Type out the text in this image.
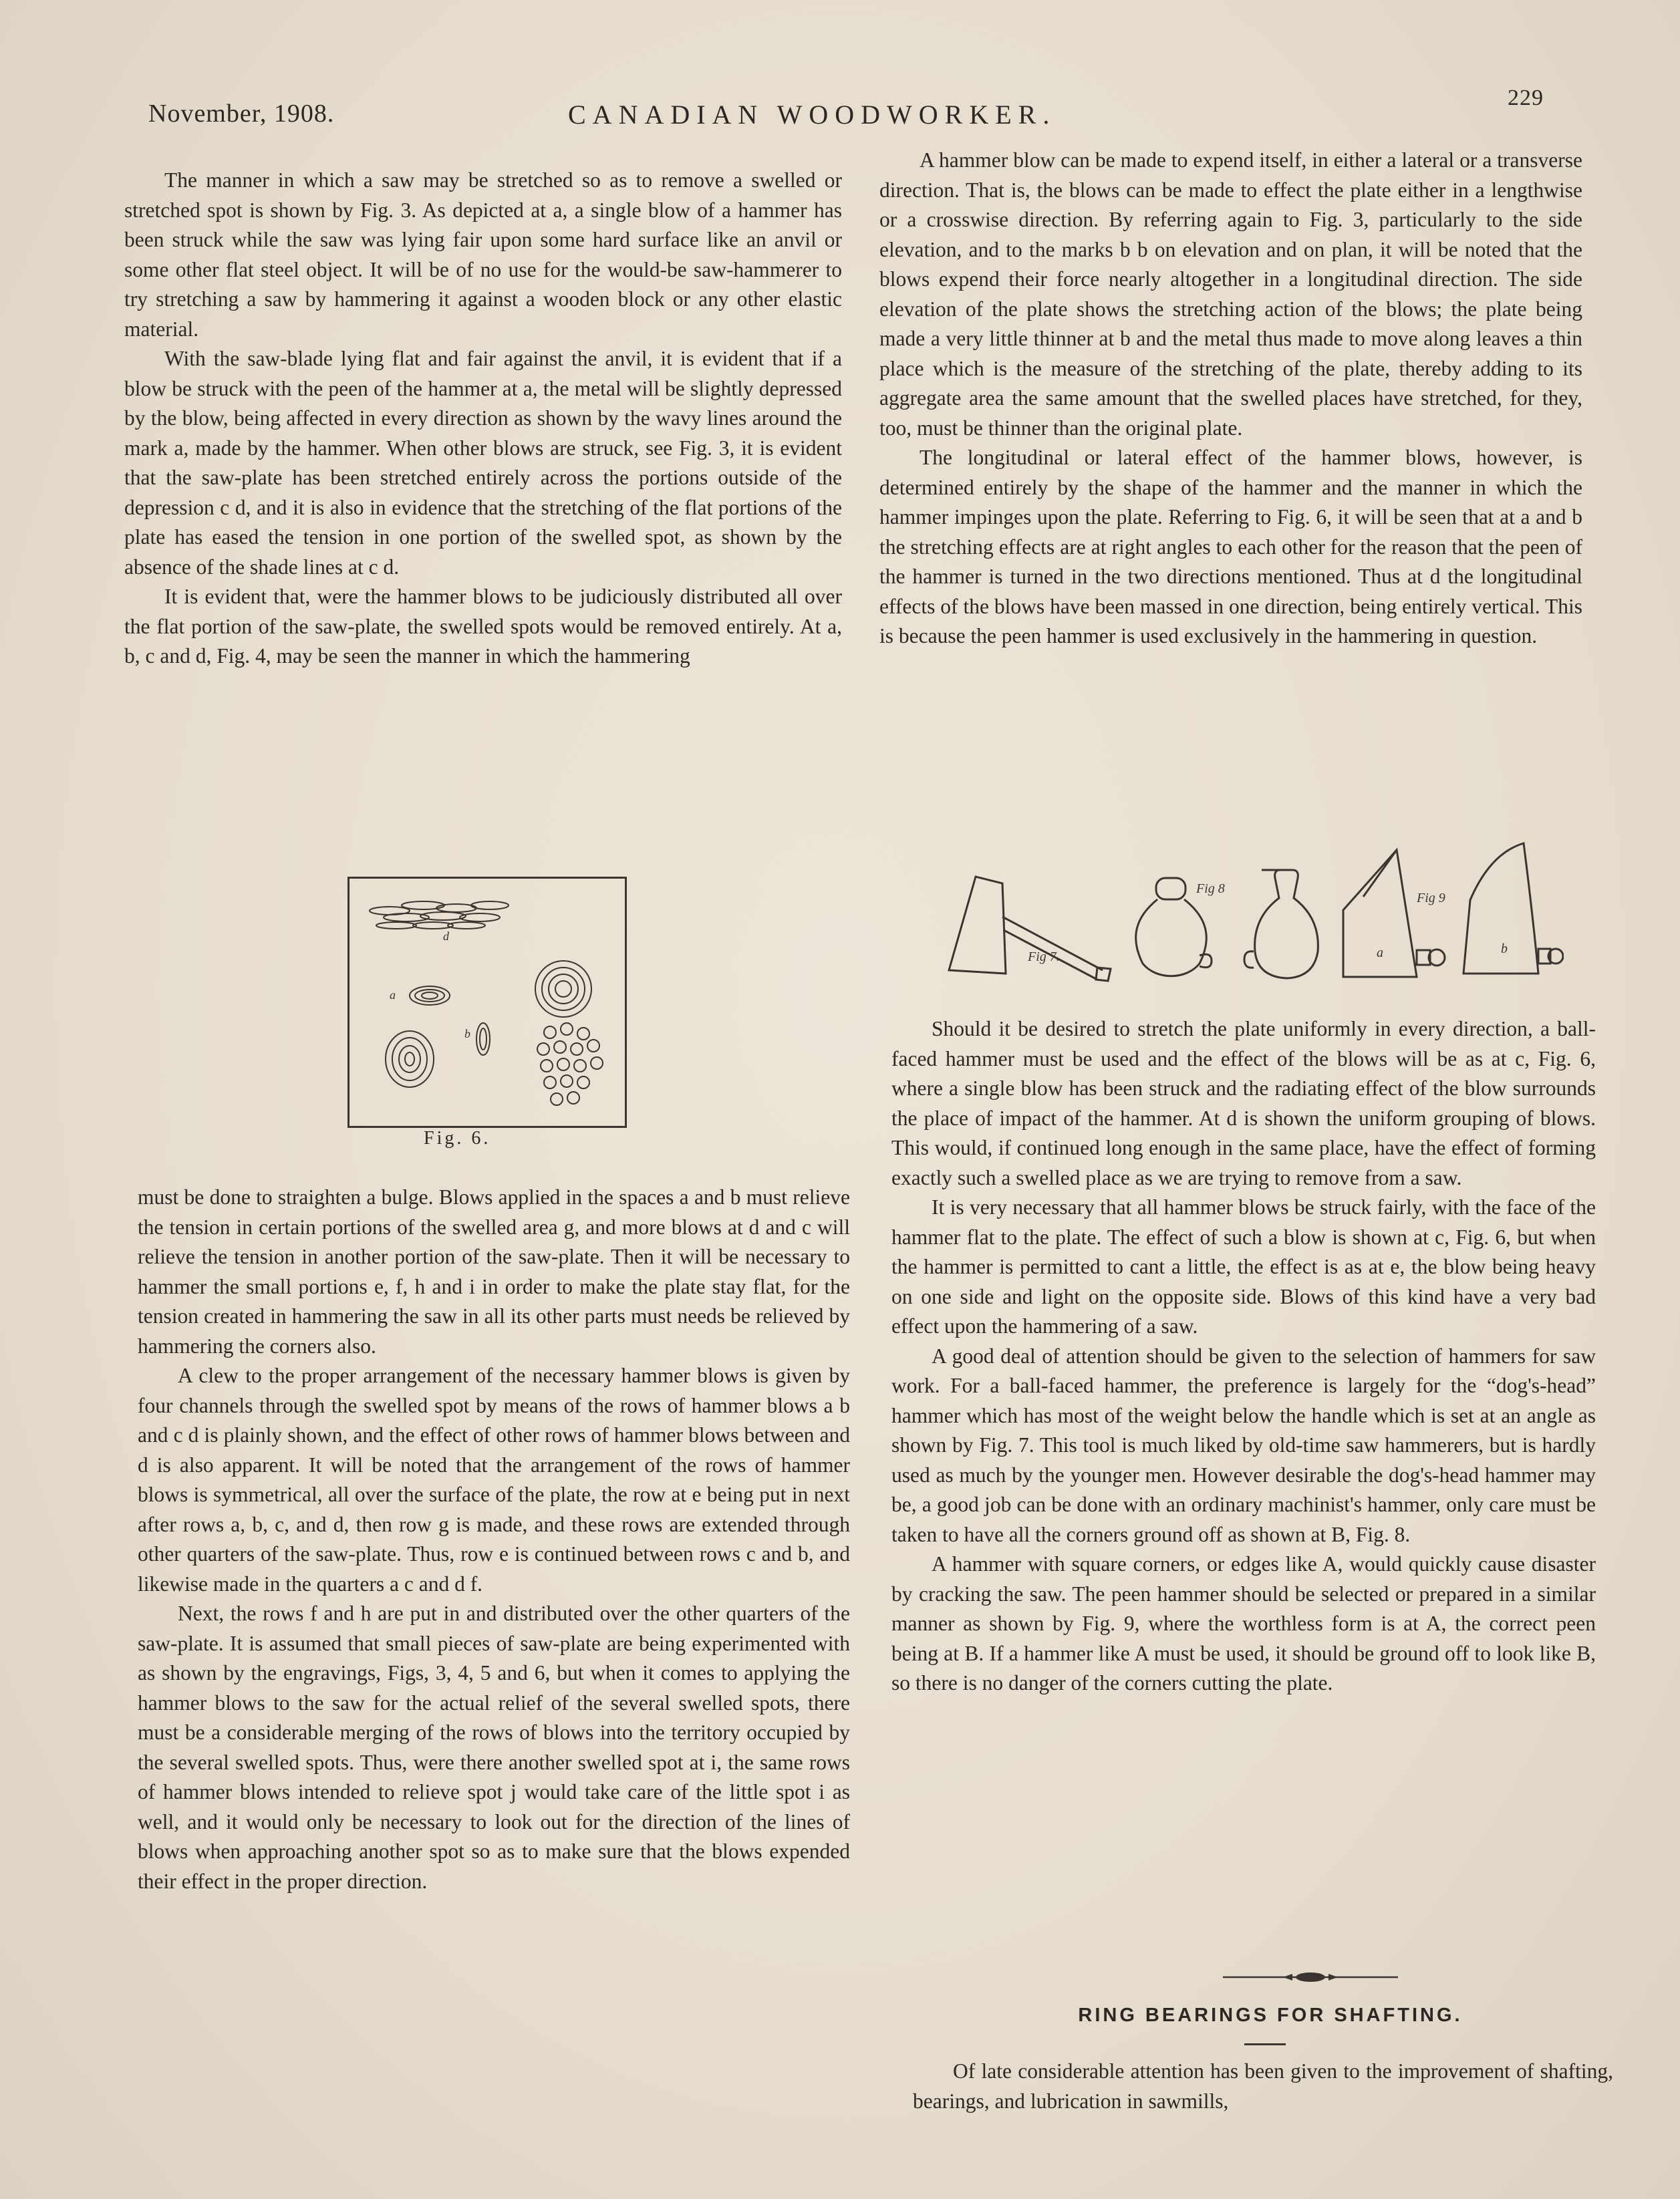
November, 1908.	CANADIAN WOODWORKER.
229

The manner in which a saw may be stretched so as to remove a swelled or stretched spot is shown by Fig. 3. As depicted at a, a single blow of a hammer has been struck while the saw was lying fair upon some hard surface like an anvil or some other flat steel object. It will be of no use for the would-be saw-hammerer to try stretching a saw by hammering it against a wooden block or any other elastic material.

With the saw-blade lying flat and fair against the anvil, it is evident that if a blow be struck with the peen of the hammer at a, the metal will be slightly depressed by the blow, being affected in every direction as shown by the wavy lines around the mark a, made by the hammer. When other blows are struck, see Fig. 3, it is evident that the saw-plate has been stretched entirely across the portions outside of the depression c d, and it is also in evidence that the stretching of the flat portions of the plate has eased the tension in one portion of the swelled spot, as shown by the absence of the shade lines at c d.

It is evident that, were the hammer blows to be judiciously distributed all over the flat portion of the saw-plate, the swelled spots would be removed entirely. At a, b, c and d, Fig. 4, may be seen the manner in which the hammering

d
a
b
Fig. 6.

must be done to straighten a bulge. Blows applied in the spaces a and b must relieve the tension in certain portions of the swelled area g, and more blows at d and c will relieve the tension in another portion of the saw-plate. Then it will be necessary to hammer the small portions e, f, h and i in order to make the plate stay flat, for the tension created in hammering the saw in all its other parts must needs be relieved by hammering the corners also.

A clew to the proper arrangement of the necessary hammer blows is given by four channels through the swelled spot by means of the rows of hammer blows a b and c d is plainly shown, and the effect of other rows of hammer blows between and d is also apparent. It will be noted that the arrangement of the rows of hammer blows is symmetrical, all over the surface of the plate, the row at e being put in next after rows a, b, c, and d, then row g is made, and these rows are extended through other quarters of the saw-plate. Thus, row e is continued between rows c and b, and likewise made in the quarters a c and d f.

Next, the rows f and h are put in and distributed over the other quarters of the saw-plate. It is assumed that small pieces of saw-plate are being experimented with as shown by the engravings, Figs, 3, 4, 5 and 6, but when it comes to applying the hammer blows to the saw for the actual relief of the several swelled spots, there must be a considerable merging of the rows of blows into the territory occupied by the several swelled spots. Thus, were there another swelled spot at i, the same rows of hammer blows intended to relieve spot j would take care of the little spot i as well, and it would only be necessary to look out for the direction of the lines of blows when approaching another spot so as to make sure that the blows expended their effect in the proper direction.

A hammer blow can be made to expend itself, in either a lateral or a transverse direction. That is, the blows can be made to effect the plate either in a lengthwise or a crosswise direction. By referring again to Fig. 3, particularly to the side elevation, and to the marks b b on elevation and on plan, it will be noted that the blows expend their force nearly altogether in a longitudinal direction. The side elevation of the plate shows the stretching action of the blows; the plate being made a very little thinner at b and the metal thus made to move along leaves a thin place which is the measure of the stretching of the plate, thereby adding to its aggregate area the same amount that the swelled places have stretched, for they, too, must be thinner than the original plate.

The longitudinal or lateral effect of the hammer blows, however, is determined entirely by the shape of the hammer and the manner in which the hammer impinges upon the plate. Referring to Fig. 6, it will be seen that at a and b the stretching effects are at right angles to each other for the reason that the peen of the hammer is turned in the two directions mentioned. Thus at d the longitudinal effects of the blows have been massed in one direction, being entirely vertical. This is because the peen hammer is used exclusively in the hammering in question.

Fig 7.
Fig 8
Fig 9
a	b

Should it be desired to stretch the plate uniformly in every direction, a ball-faced hammer must be used and the effect of the blows will be as at c, Fig. 6, where a single blow has been struck and the radiating effect of the blow surrounds the place of impact of the hammer. At d is shown the uniform grouping of blows. This would, if continued long enough in the same place, have the effect of forming exactly such a swelled place as we are trying to remove from a saw.

It is very necessary that all hammer blows be struck fairly, with the face of the hammer flat to the plate. The effect of such a blow is shown at c, Fig. 6, but when the hammer is permitted to cant a little, the effect is as at e, the blow being heavy on one side and light on the opposite side. Blows of this kind have a very bad effect upon the hammering of a saw.

A good deal of attention should be given to the selection of hammers for saw work. For a ball-faced hammer, the preference is largely for the “dog's-head” hammer which has most of the weight below the handle which is set at an angle as shown by Fig. 7. This tool is much liked by old-time saw hammerers, but is hardly used as much by the younger men. However desirable the dog's-head hammer may be, a good job can be done with an ordinary machinist's hammer, only care must be taken to have all the corners ground off as shown at B, Fig. 8.

A hammer with square corners, or edges like A, would quickly cause disaster by cracking the saw. The peen hammer should be selected or prepared in a similar manner as shown by Fig. 9, where the worthless form is at A, the correct peen being at B. If a hammer like A must be used, it should be ground off to look like B, so there is no danger of the corners cutting the plate.

RING BEARINGS FOR SHAFTING.

Of late considerable attention has been given to the improvement of shafting, bearings, and lubrication in sawmills,
